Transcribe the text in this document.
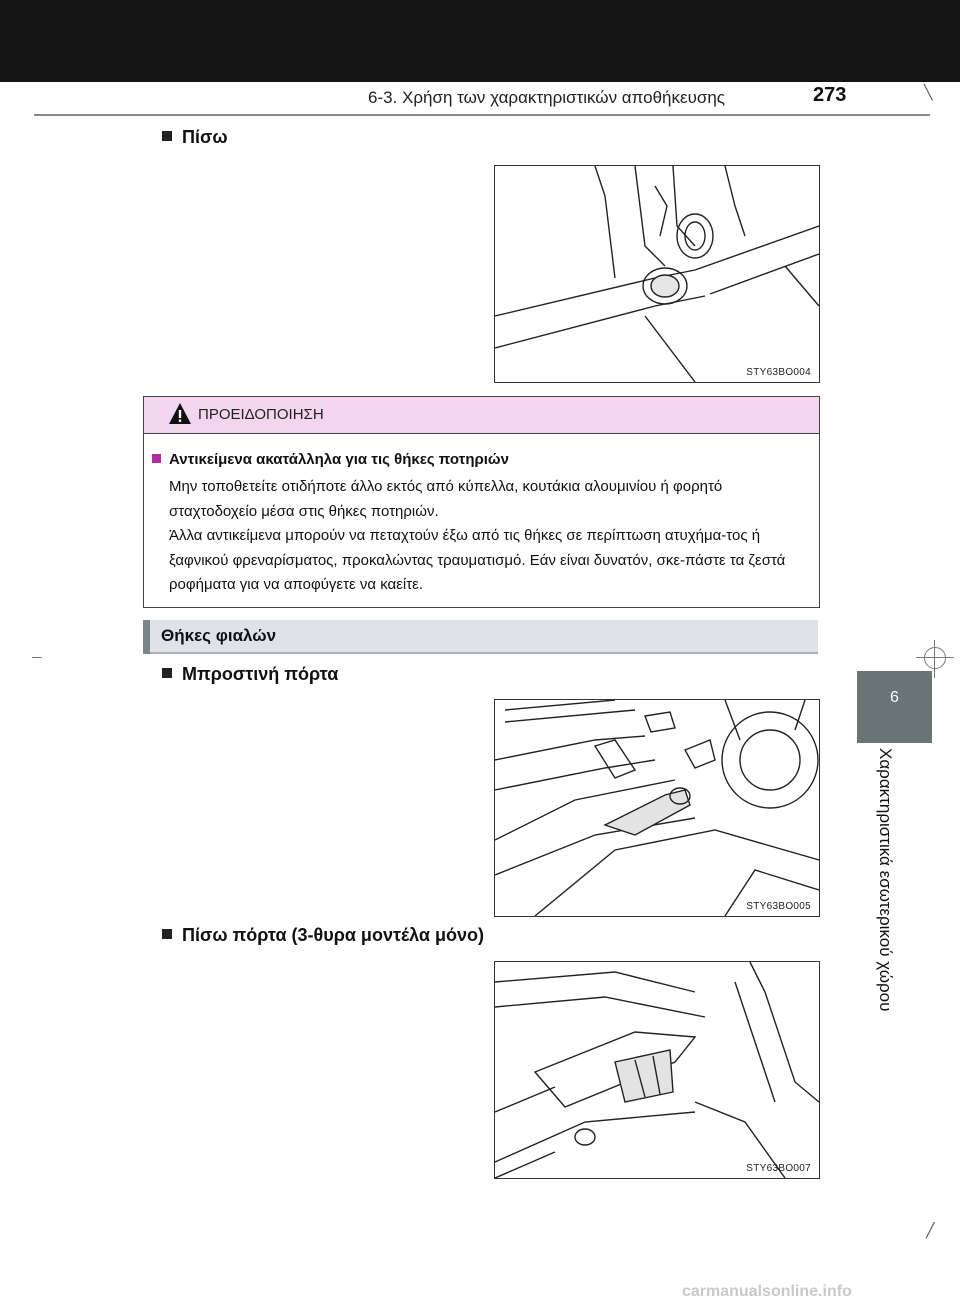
6-3. Χρήση των χαρακτηριστικών αποθήκευσης	273	╲
╱
6
Χαρακτηριστικά εσωτερικού χώρου
Πίσω
STY63BO004
ΠΡΟΕΙΔΟΠΟΙΗΣΗ
Αντικείμενα ακατάλληλα για τις θήκες ποτηριών

Μην τοποθετείτε οτιδήποτε άλλο εκτός από κύπελλα, κουτάκια αλουμινίου ή φορητό σταχτοδοχείο μέσα στις θήκες ποτηριών.

Άλλα αντικείμενα μπορούν να πεταχτούν έξω από τις θήκες σε περίπτωση ατυχήμα-τος ή ξαφνικού φρεναρίσματος, προκαλώντας τραυματισμό. Εάν είναι δυνατόν, σκε-πάστε τα ζεστά ροφήματα για να αποφύγετε να καείτε.

Θήκες φιαλών
Μπροστινή πόρτα
STY63BO005
Πίσω πόρτα (3-θυρα μοντέλα μόνο)
STY63BO007
carmanualsonline.info
